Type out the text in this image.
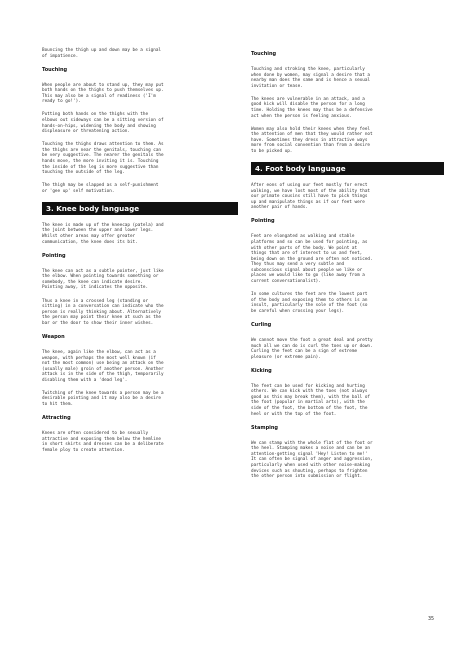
Bouncing the thigh up and down may be a signal
of impatience.
Touching
When people are about to stand up, they may put
both hands on the thighs to push themselves up.
This may also be a signal of readiness ('I'm
ready to go!').
Putting both hands on the thighs with the
elbows out sideways can be a sitting version of
hands-on-hips, widening the body and showing
displeasure or threatening action.
Touching the thighs draws attention to them. As
the thighs are near the genitals, touching can
be very suggestive. The nearer the genitals the
hands move, the more inviting it is. Touching
the inside of the leg is more suggestive than
touching the outside of the leg.
The thigh may be slapped as a self-punishment
or 'gee up' self motivation.
3. Knee body language
The knee is made up of the kneecap (patela) and
the joint between the upper and lower legs.
Whilst other areas may offer greater
communication, the knee does its bit.
Pointing
The knee can act as a subtle pointer, just like
the elbow. When pointing towards something or
somebody, the knee can indicate desire.
Pointing away, it indicates the opposite.
Thus a knee in a crossed leg (standing or
sitting) in a conversation can indicate who the
person is really thinking about. Alternatively
the person may point their knee at such as the
bar or the door to show their inner wishes.
Weapon
The knee, again like the elbow, can act as a
weapon, with perhaps the most well known (if
not the most common) use being an attack on the
(usually male) groin of another person. Another
attack is in the side of the thigh, temporarily
disabling them with a 'dead leg'.
Twitching of the knee towards a person may be a
desirable pointing and it may also be a desire
to hit them.
Attracting
Knees are often considered to be sexually
attractive and exposing them below the hemline
in short skirts and dresses can be a deliberate
female ploy to create attention.
Touching
Touching and stroking the knee, particularly
when done by women, may signal a desire that a
nearby man does the same and is hence a sexual
invitation or tease.
The knees are vulnerable in an attack, and a
good kick will disable the person for a long
time. Holding the knees may thus be a defensive
act when the person is feeling anxious.
Women may also hold their knees when they feel
the attention of men that they would rather not
have. Sometimes they dress in attractive ways
more from social convention than from a desire
to be picked up.
4. Foot body language
After eons of using our feet mostly for erect
walking, we have lost most of the ability that
our primate cousins still have to pick things
up and manipulate things as if our feet were
another pair of hands.
Pointing
Feet are elongated as walking and stable
platforms and so can be used for pointing, as
with other parts of the body. We point at
things that are of interest to us and feet,
being down on the ground are often not noticed.
They thus may send a very subtle and
subconscious signal about people we like or
places we would like to go (like away from a
current conversationalist).
In some cultures the feet are the lowest part
of the body and exposing them to others is an
insult, particularly the sole of the foot (so
be careful when crossing your legs).
Curling
We cannot move the foot a great deal and pretty
much all we can do is curl the toes up or down.
Curling the feet can be a sign of extreme
pleasure (or extreme pain).
Kicking
The feet can be used for kicking and hurting
others. We can kick with the toes (not always
good as this may break them), with the ball of
the foot (popular in martial arts), with the
side of the foot, the bottom of the foot, the
heel or with the top of the foot.
Stamping
We can stamp with the whole flat of the foot or
the heel. Stamping makes a noise and can be an
attention-getting signal 'Hey! Listen to me!'
It can often be signal of anger and aggression,
particularly when used with other noise-making
devices such as shouting, perhaps to frighten
the other person into submission or flight.
35
